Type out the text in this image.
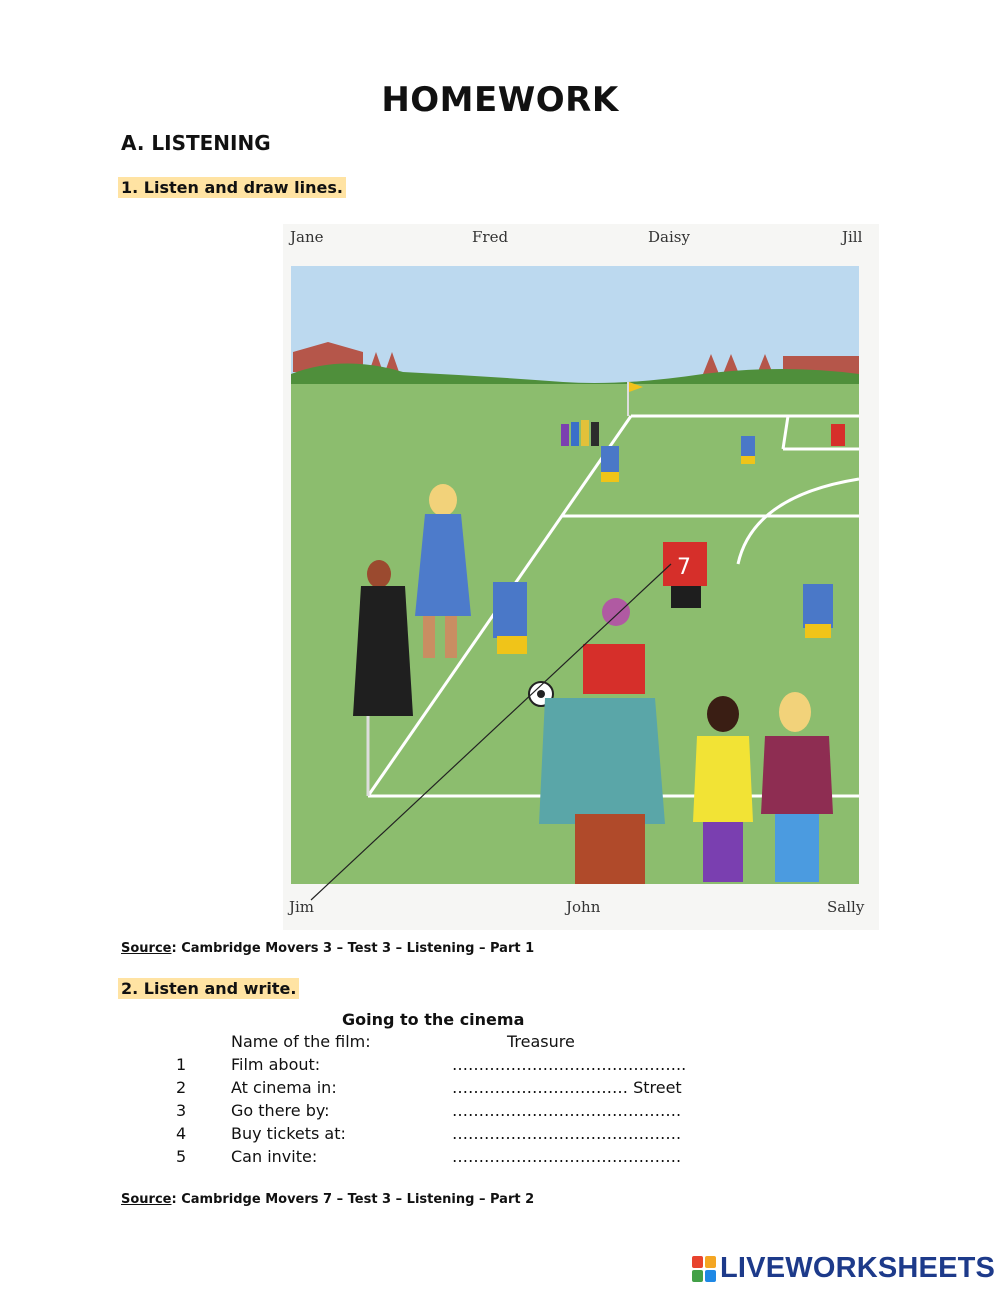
HOMEWORK
A. LISTENING
1. Listen and draw lines.
Jane	Fred	Daisy	Jill
7
Jim	John	Sally
Source: Cambridge Movers 3 – Test 3 – Listening – Part 1
2. Listen and write.
Going to the cinema
Name of the film:	Treasure
1	Film about:	……………………………………..
2	At cinema in:	…………………………… Street
3	Go there by:	…………………………………….
4	Buy tickets at:	…………………………………….
5	Can invite:	…………………………………….
Source: Cambridge Movers 7 – Test 3 – Listening – Part 2
LIVEWORKSHEETS
